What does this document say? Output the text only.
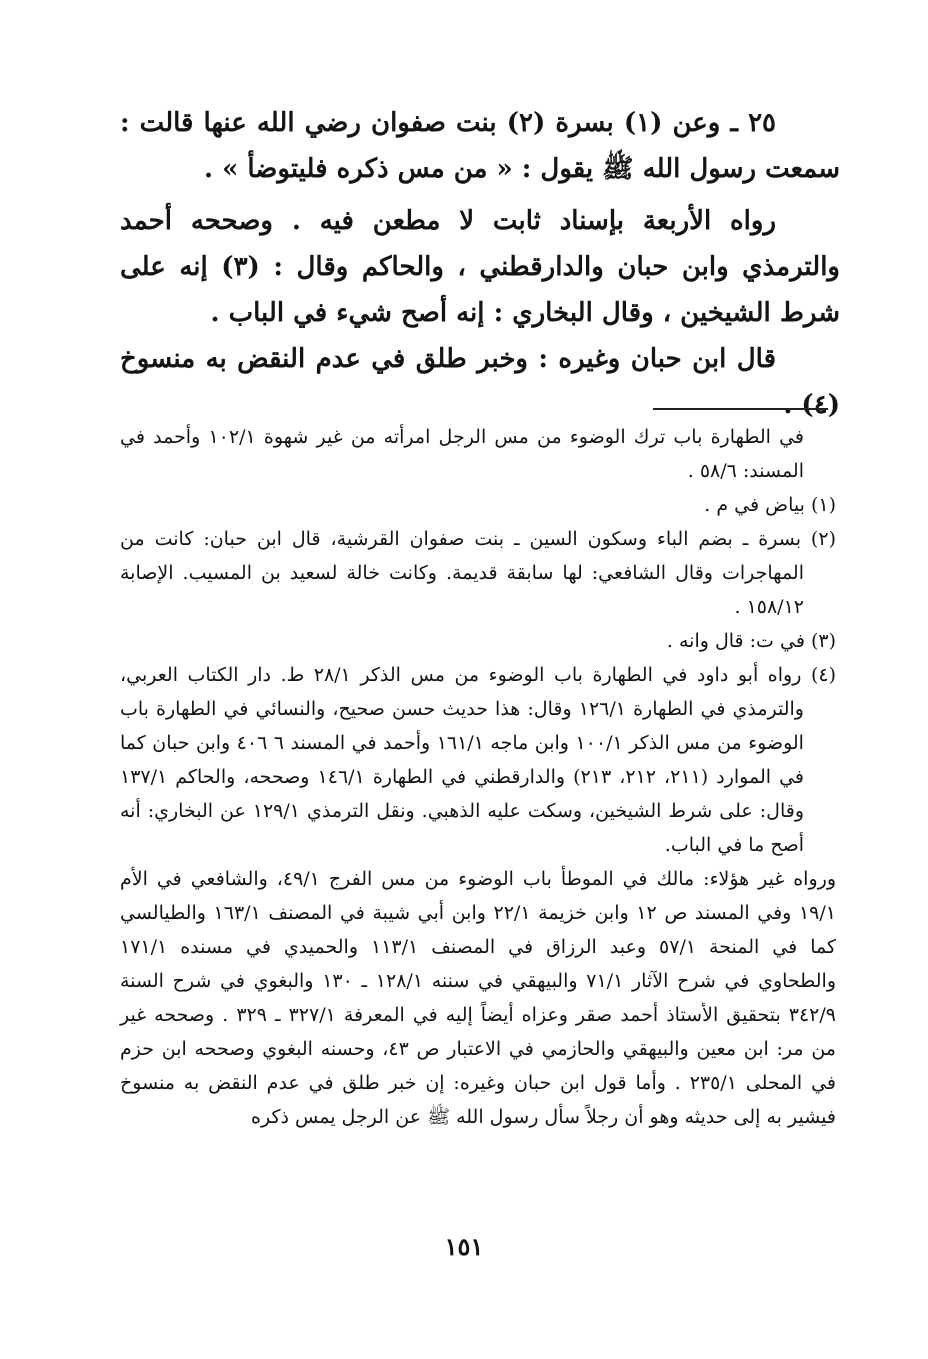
٢٥ ـ وعن (١) بسرة (٢) بنت صفوان رضي الله عنها قالت : سمعت رسول الله ﷺ يقول : « من مس ذكره فليتوضأ » .

رواه الأربعة بإسناد ثابت لا مطعن فيه . وصححه أحمد والترمذي وابن حبان والدارقطني ، والحاكم وقال : (٣) إنه على شرط الشيخين ، وقال البخاري : إنه أصح شيء في الباب .

قال ابن حبان وغيره : وخبر طلق في عدم النقض به منسوخ (٤) .

في الطهارة باب ترك الوضوء من مس الرجل امرأته من غير شهوة ١٠٢/١ وأحمد في المسند: ٥٨/٦ .

(١) بياض في م .

(٢) بسرة ـ بضم الباء وسكون السين ـ بنت صفوان القرشية، قال ابن حبان: كانت من المهاجرات وقال الشافعي: لها سابقة قديمة. وكانت خالة لسعيد بن المسيب. الإصابة ١٥٨/١٢ .

(٣) في ت: قال وانه .

(٤) رواه أبو داود في الطهارة باب الوضوء من مس الذكر ٢٨/١ ط. دار الكتاب العربي، والترمذي في الطهارة ١٢٦/١ وقال: هذا حديث حسن صحيح، والنسائي في الطهارة باب الوضوء من مس الذكر ١٠٠/١ وابن ماجه ١٦١/١ وأحمد في المسند ٦ ٤٠٦ وابن حبان كما في الموارد (٢١١، ٢١٢، ٢١٣) والدارقطني في الطهارة ١٤٦/١ وصححه، والحاكم ١٣٧/١ وقال: على شرط الشيخين، وسكت عليه الذهبي. ونقل الترمذي ١٢٩/١ عن البخاري: أنه أصح ما في الباب.

ورواه غير هؤلاء: مالك في الموطأ باب الوضوء من مس الفرج ٤٩/١، والشافعي في الأم ١٩/١ وفي المسند ص ١٢ وابن خزيمة ٢٢/١ وابن أبي شيبة في المصنف ١٦٣/١ والطيالسي كما في المنحة ٥٧/١ وعبد الرزاق في المصنف ١١٣/١ والحميدي في مسنده ١٧١/١ والطحاوي في شرح الآثار ٧١/١ والبيهقي في سننه ١٢٨/١ ـ ١٣٠ والبغوي في شرح السنة ٣٤٢/٩ بتحقيق الأستاذ أحمد صقر وعزاه أيضاً إليه في المعرفة ٣٢٧/١ ـ ٣٢٩ . وصححه غير من مر: ابن معين والبيهقي والحازمي في الاعتبار ص ٤٣، وحسنه البغوي وصححه ابن حزم في المحلى ٢٣٥/١ . وأما قول ابن حبان وغيره: إن خبر طلق في عدم النقض به منسوخ فيشير به إلى حديثه وهو أن رجلاً سأل رسول الله ﷺ عن الرجل يمس ذكره

١٥١
